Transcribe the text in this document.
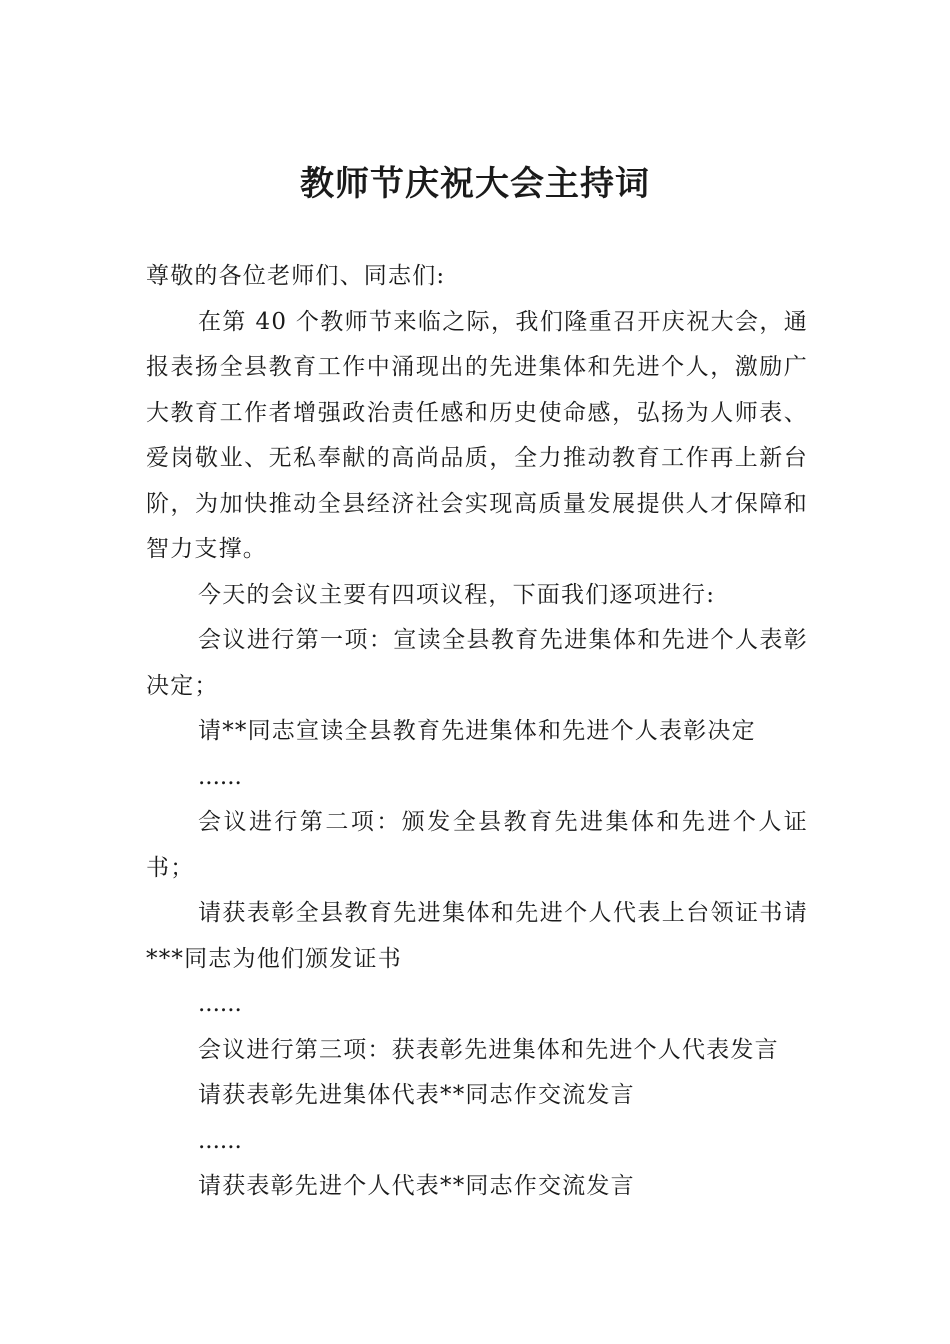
教师节庆祝大会主持词

尊敬的各位老师们、同志们:

在第 40 个教师节来临之际，我们隆重召开庆祝大会，通报表扬全县教育工作中涌现出的先进集体和先进个人，激励广大教育工作者增强政治责任感和历史使命感，弘扬为人师表、爱岗敬业、无私奉献的高尚品质，全力推动教育工作再上新台阶，为加快推动全县经济社会实现高质量发展提供人才保障和智力支撑。

今天的会议主要有四项议程，下面我们逐项进行:

会议进行第一项：宣读全县教育先进集体和先进个人表彰决定；

请**同志宣读全县教育先进集体和先进个人表彰决定

......

会议进行第二项：颁发全县教育先进集体和先进个人证书；

请获表彰全县教育先进集体和先进个人代表上台领证书请***同志为他们颁发证书

......

会议进行第三项：获表彰先进集体和先进个人代表发言

请获表彰先进集体代表**同志作交流发言

......

请获表彰先进个人代表**同志作交流发言
